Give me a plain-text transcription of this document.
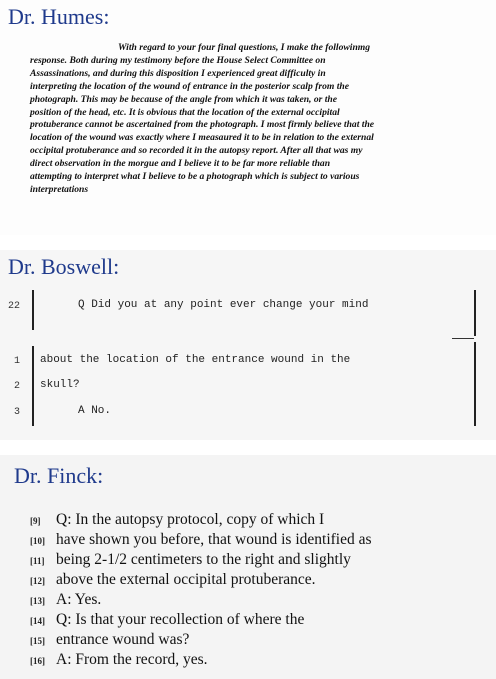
Dr. Humes:
With regard to your four final questions, I make the followinmg
response. Both during my testimony before the House Select Committee on
Assassinations, and during this disposition I experienced great difficulty in
interpreting the location of the wound of entrance in the posterior scalp from the
photograph. This may be because of the angle from which it was taken, or the
position of the head, etc. It is obvious that the location of the external occipital
protuberance cannot be ascertained from the photograph. I most firmly believe that the
location of the wound was exactly where I measaured it to be in relation to the external
occipital protuberance and so recorded it in the autopsy report. After all that was my
direct observation in the morgue and I believe it to be far more reliable than
attempting to interpret what I believe to be a photograph which is subject to various
interpretations
Dr. Boswell:
22	Q Did you at any point ever change your mind
1 about the location of the entrance wound in the
2 skull?
3	A No.
Dr. Finck:
[9] Q: In the autopsy protocol, copy of which I
[10] have shown you before, that wound is identified as
[11] being 2-1/2 centimeters to the right and slightly
[12] above the external occipital protuberance.
[13] A: Yes.
[14] Q: Is that your recollection of where the
[15] entrance wound was?
[16] A: From the record, yes.
